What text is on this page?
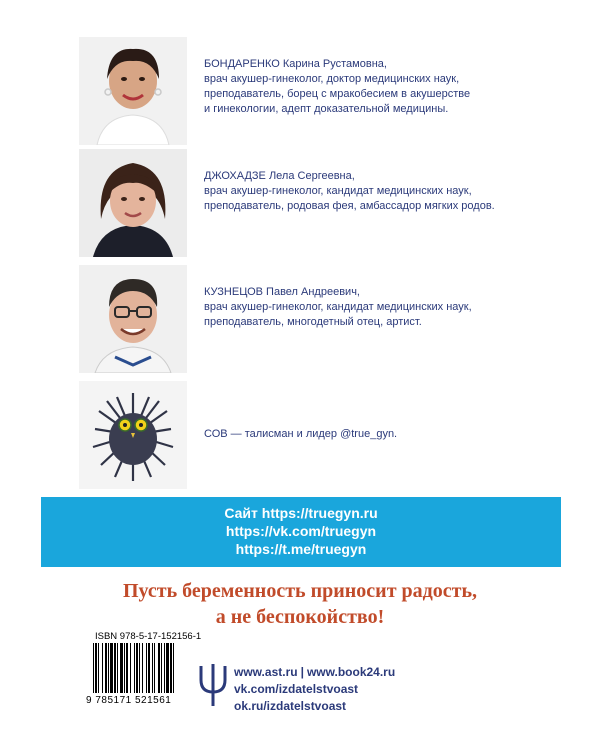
БОНДАРЕНКО Карина Рустамовна,
врач акушер-гинеколог, доктор медицинских наук,
преподаватель, борец с мракобесием в акушерстве
и гинекологии, адепт доказательной медицины.
ДЖОХАДЗЕ Лела Сергеевна,
врач акушер-гинеколог, кандидат медицинских наук,
преподаватель, родовая фея, амбассадор мягких родов.
КУЗНЕЦОВ Павел Андреевич,
врач акушер-гинеколог, кандидат медицинских наук,
преподаватель, многодетный отец, артист.
СОВ — талисман и лидер @true_gyn.
Сайт https://truegyn.ru
https://vk.com/truegyn
https://t.me/truegyn
Пусть беременность приносит радость,
а не беспокойство!
ISBN 978-5-17-152156-1
9 785171 521561
www.ast.ru | www.book24.ru
vk.com/izdatelstvoast
ok.ru/izdatelstvoast
